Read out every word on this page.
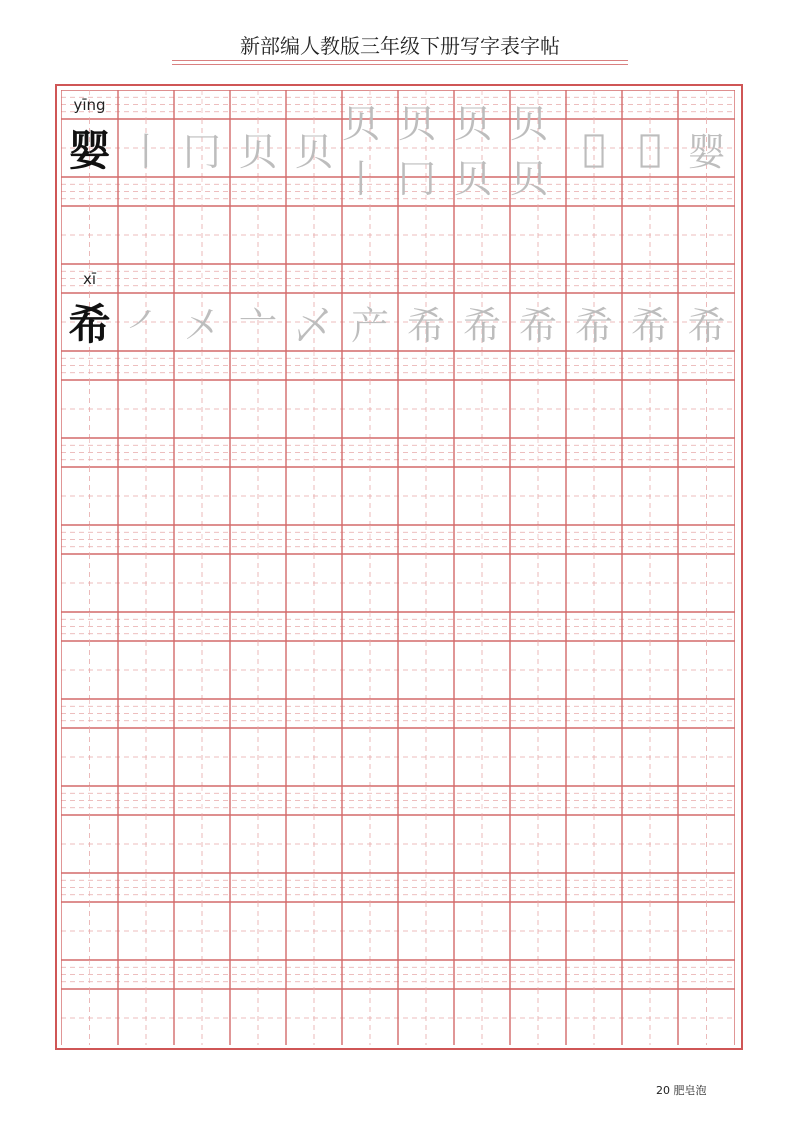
新部编人教版三年级下册写字表字帖
yīng
婴 丨 冂 贝 贝
贝丨
贝冂
贝贝
贝贝
𫝀 𫝀 婴
xī
希 ㇒ 㐅 亠 乄 产 希 希 希 希 希 希
20 肥皂泡
